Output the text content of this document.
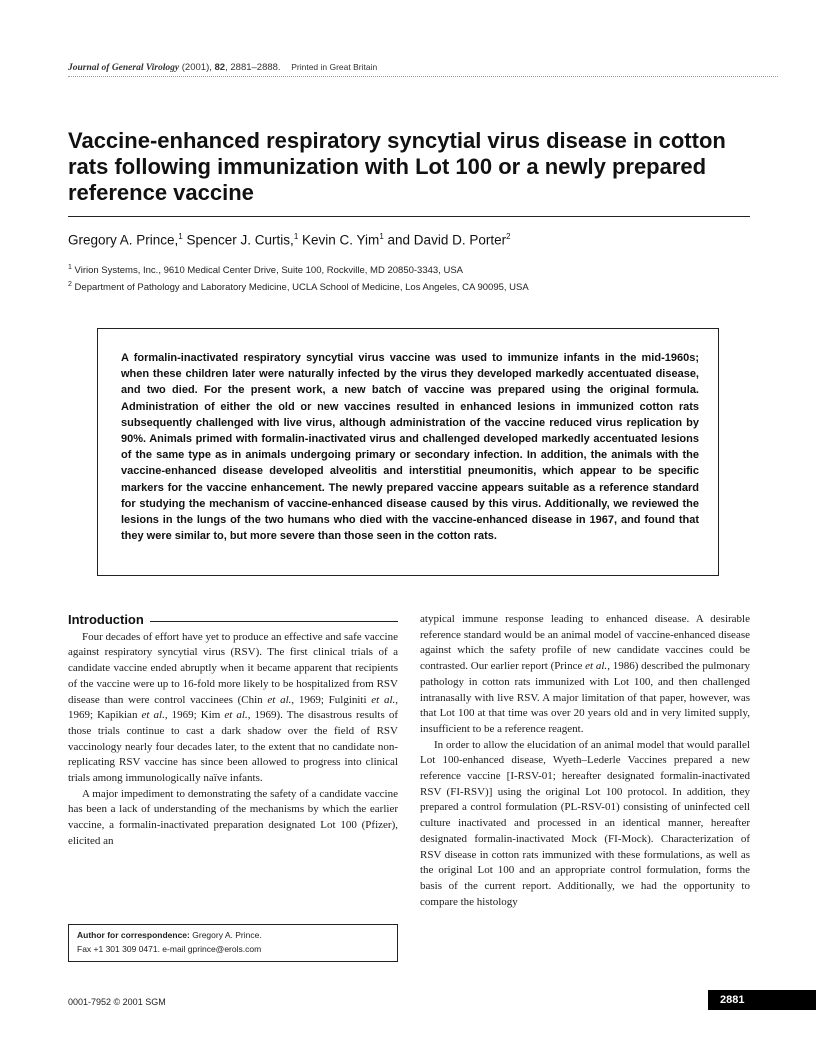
Journal of General Virology (2001), 82, 2881–2888. Printed in Great Britain
Vaccine-enhanced respiratory syncytial virus disease in cotton rats following immunization with Lot 100 or a newly prepared reference vaccine
Gregory A. Prince,$^1$ Spencer J. Curtis,$^1$ Kevin C. Yim$^1$ and David D. Porter$^2$
$^1$ Virion Systems, Inc., 9610 Medical Center Drive, Suite 100, Rockville, MD 20850-3343, USA
$^2$ Department of Pathology and Laboratory Medicine, UCLA School of Medicine, Los Angeles, CA 90095, USA

A formalin-inactivated respiratory syncytial virus vaccine was used to immunize infants in the mid-1960s; when these children later were naturally infected by the virus they developed markedly accentuated disease, and two died. For the present work, a new batch of vaccine was prepared using the original formula. Administration of either the old or new vaccines resulted in enhanced lesions in immunized cotton rats subsequently challenged with live virus, although administration of the vaccine reduced virus replication by 90%. Animals primed with formalin-inactivated virus and challenged developed markedly accentuated lesions of the same type as in animals undergoing primary or secondary infection. In addition, the animals with the vaccine-enhanced disease developed alveolitis and interstitial pneumonitis, which appear to be specific markers for the vaccine enhancement. The newly prepared vaccine appears suitable as a reference standard for studying the mechanism of vaccine-enhanced disease caused by this virus. Additionally, we reviewed the lesions in the lungs of the two humans who died with the vaccine-enhanced disease in 1967, and found that they were similar to, but more severe than those seen in the cotton rats.

Introduction

Four decades of effort have yet to produce an effective and safe vaccine against respiratory syncytial virus (RSV). The first clinical trials of a candidate vaccine ended abruptly when it became apparent that recipients of the vaccine were up to 16-fold more likely to be hospitalized from RSV disease than were control vaccinees (Chin et al., 1969; Fulginiti et al., 1969; Kapikian et al., 1969; Kim et al., 1969). The disastrous results of those trials continue to cast a dark shadow over the field of RSV vaccinology nearly four decades later, to the extent that no candidate non-replicating RSV vaccine has since been allowed to progress into clinical trials among immunologically naïve infants.

A major impediment to demonstrating the safety of a candidate vaccine has been a lack of understanding of the mechanisms by which the earlier vaccine, a formalin-inactivated preparation designated Lot 100 (Pfizer), elicited an

atypical immune response leading to enhanced disease. A desirable reference standard would be an animal model of vaccine-enhanced disease against which the safety profile of new candidate vaccines could be contrasted. Our earlier report (Prince et al., 1986) described the pulmonary pathology in cotton rats immunized with Lot 100, and then challenged intranasally with live RSV. A major limitation of that paper, however, was that Lot 100 at that time was over 20 years old and in very limited supply, insufficient to be a reference reagent.

In order to allow the elucidation of an animal model that would parallel Lot 100-enhanced disease, Wyeth–Lederle Vaccines prepared a new reference vaccine [I-RSV-01; hereafter designated formalin-inactivated RSV (FI-RSV)] using the original Lot 100 protocol. In addition, they prepared a control formulation (PL-RSV-01) consisting of uninfected cell culture inactivated and processed in an identical manner, hereafter designated formalin-inactivated Mock (FI-Mock). Characterization of RSV disease in cotton rats immunized with these formulations, as well as the original Lot 100 and an appropriate control formulation, forms the basis of the current report. Additionally, we had the opportunity to compare the histology

Author for correspondence: Gregory A. Prince.
Fax +1 301 309 0471. e-mail gprince@erols.com
0001-7952 © 2001 SGM	2881
